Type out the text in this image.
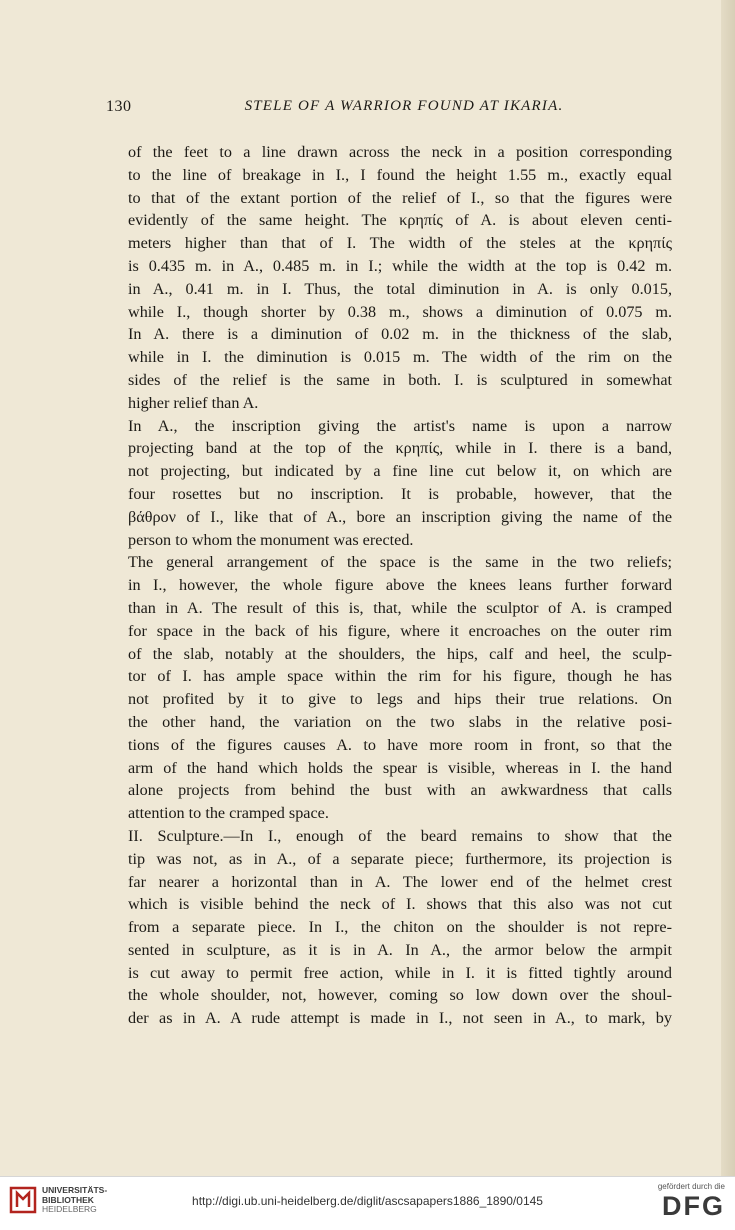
130	STELE OF A WARRIOR FOUND AT IKARIA.

of the feet to a line drawn across the neck in a position corresponding
to the line of breakage in I., I found the height 1.55 m., exactly equal
to that of the extant portion of the relief of I., so that the figures were
evidently of the same height. The κρηπίς of A. is about eleven centi-
meters higher than that of I. The width of the steles at the κρηπίς
is 0.435 m. in A., 0.485 m. in I.; while the width at the top is 0.42 m.
in A., 0.41 m. in I. Thus, the total diminution in A. is only 0.015,
while I., though shorter by 0.38 m., shows a diminution of 0.075 m.
In A. there is a diminution of 0.02 m. in the thickness of the slab,
while in I. the diminution is 0.015 m. The width of the rim on the
sides of the relief is the same in both. I. is sculptured in somewhat
higher relief than A.

In A., the inscription giving the artist's name is upon a narrow
projecting band at the top of the κρηπίς, while in I. there is a band,
not projecting, but indicated by a fine line cut below it, on which are
four rosettes but no inscription. It is probable, however, that the
βάθρον of I., like that of A., bore an inscription giving the name of the
person to whom the monument was erected.

The general arrangement of the space is the same in the two reliefs;
in I., however, the whole figure above the knees leans further forward
than in A. The result of this is, that, while the sculptor of A. is cramped
for space in the back of his figure, where it encroaches on the outer rim
of the slab, notably at the shoulders, the hips, calf and heel, the sculp-
tor of I. has ample space within the rim for his figure, though he has
not profited by it to give to legs and hips their true relations. On
the other hand, the variation on the two slabs in the relative posi-
tions of the figures causes A. to have more room in front, so that the
arm of the hand which holds the spear is visible, whereas in I. the hand
alone projects from behind the bust with an awkwardness that calls
attention to the cramped space.

II. Sculpture.—In I., enough of the beard remains to show that the
tip was not, as in A., of a separate piece; furthermore, its projection is
far nearer a horizontal than in A. The lower end of the helmet crest
which is visible behind the neck of I. shows that this also was not cut
from a separate piece. In I., the chiton on the shoulder is not repre-
sented in sculpture, as it is in A. In A., the armor below the armpit
is cut away to permit free action, while in I. it is fitted tightly around
the whole shoulder, not, however, coming so low down over the shoul-
der as in A. A rude attempt is made in I., not seen in A., to mark, by

UNIVERSITÄTS-
BIBLIOTHEK
HEIDELBERG
http://digi.ub.uni-heidelberg.de/diglit/ascsapapers1886_1890/0145
gefördert durch die
DFG
